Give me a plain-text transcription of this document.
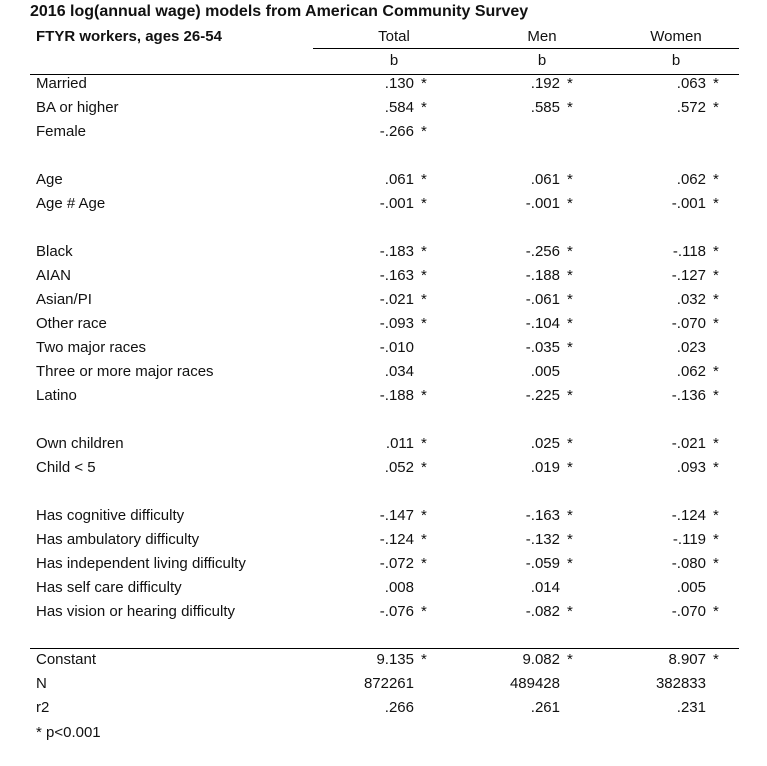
2016 log(annual wage) models from American Community Survey
FTYR workers, ages 26-54	Total	Men	Women
b	b	b
Married	.130 *	.192 *	.063 *
BA or higher	.584 *	.585 *	.572 *
Female	-.266 *
Age	.061 *	.061 *	.062 *
Age # Age	-.001 *	-.001 *	-.001 *
Black	-.183 *	-.256 *	-.118 *
AIAN	-.163 *	-.188 *	-.127 *
Asian/PI	-.021 *	-.061 *	.032 *
Other race	-.093 *	-.104 *	-.070 *
Two major races	-.010	-.035 *	.023
Three or more major races	.034	.005	.062 *
Latino	-.188 *	-.225 *	-.136 *
Own children	.011 *	.025 *	-.021 *
Child < 5	.052 *	.019 *	.093 *
Has cognitive difficulty	-.147 *	-.163 *	-.124 *
Has ambulatory difficulty	-.124 *	-.132 *	-.119 *
Has independent living difficulty	-.072 *	-.059 *	-.080 *
Has self care difficulty	.008	.014	.005
Has vision or hearing difficulty	-.076 *	-.082 *	-.070 *
Constant	9.135 *	9.082 *	8.907 *
N	872261	489428	382833
r2	.266	.261	.231
* p<0.001
